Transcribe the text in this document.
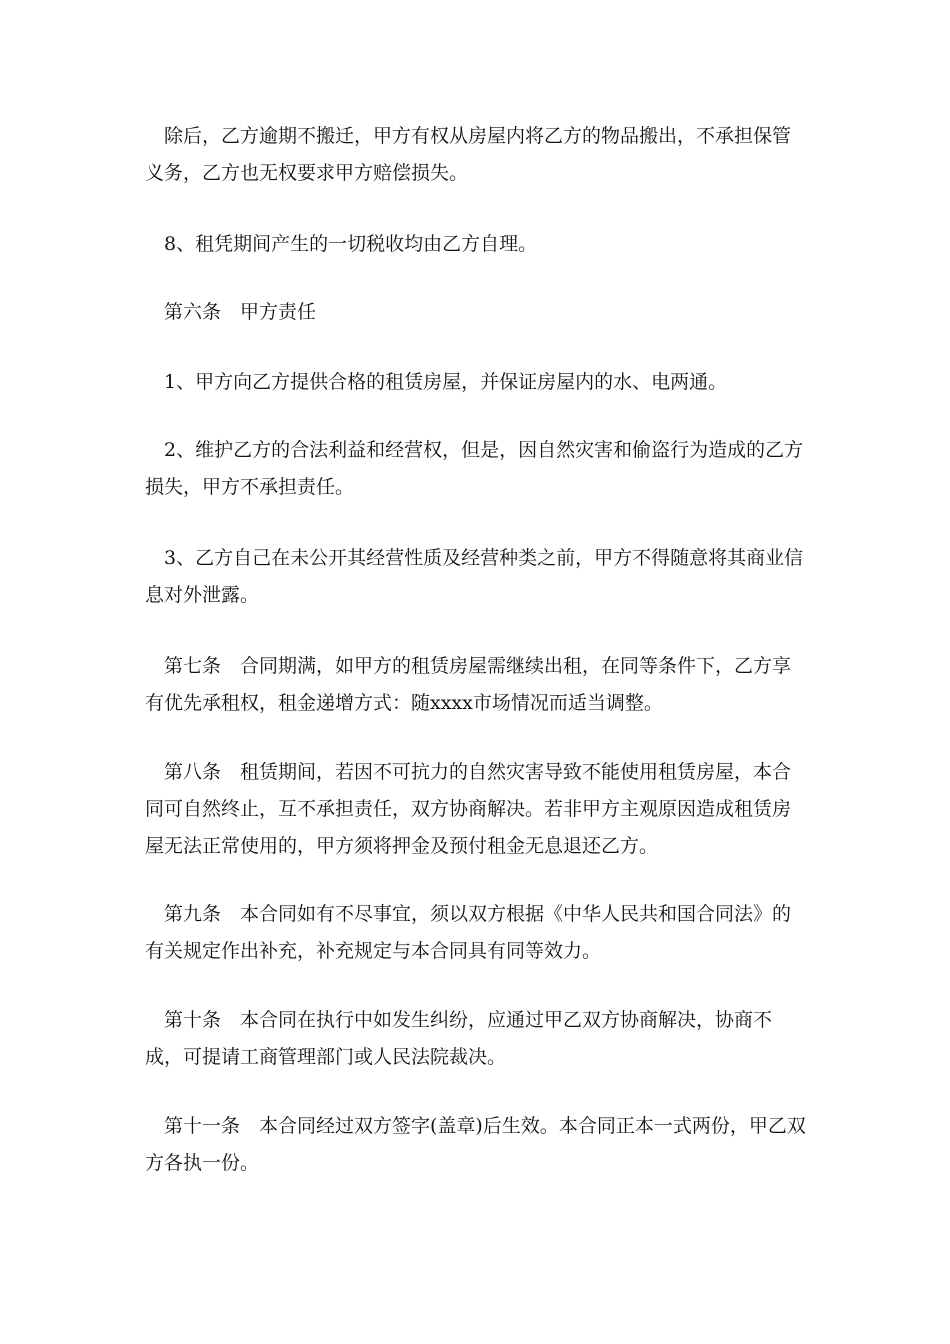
除后，乙方逾期不搬迁，甲方有权从房屋内将乙方的物品搬出，不承担保管义务，乙方也无权要求甲方赔偿损失。

8、租凭期间产生的一切税收均由乙方自理。

第六条　甲方责任

1、甲方向乙方提供合格的租赁房屋，并保证房屋内的水、电两通。

2、维护乙方的合法利益和经营权，但是，因自然灾害和偷盗行为造成的乙方损失，甲方不承担责任。

3、乙方自己在未公开其经营性质及经营种类之前，甲方不得随意将其商业信息对外泄露。

第七条　合同期满，如甲方的租赁房屋需继续出租，在同等条件下，乙方享有优先承租权，租金递增方式：随xxxx市场情况而适当调整。

第八条　租赁期间，若因不可抗力的自然灾害导致不能使用租赁房屋，本合同可自然终止，互不承担责任，双方协商解决。若非甲方主观原因造成租赁房屋无法正常使用的，甲方须将押金及预付租金无息退还乙方。

第九条　本合同如有不尽事宜，须以双方根据《中华人民共和国合同法》的有关规定作出补充，补充规定与本合同具有同等效力。

第十条　本合同在执行中如发生纠纷，应通过甲乙双方协商解决，协商不成，可提请工商管理部门或人民法院裁决。

第十一条　本合同经过双方签字(盖章)后生效。本合同正本一式两份，甲乙双方各执一份。
